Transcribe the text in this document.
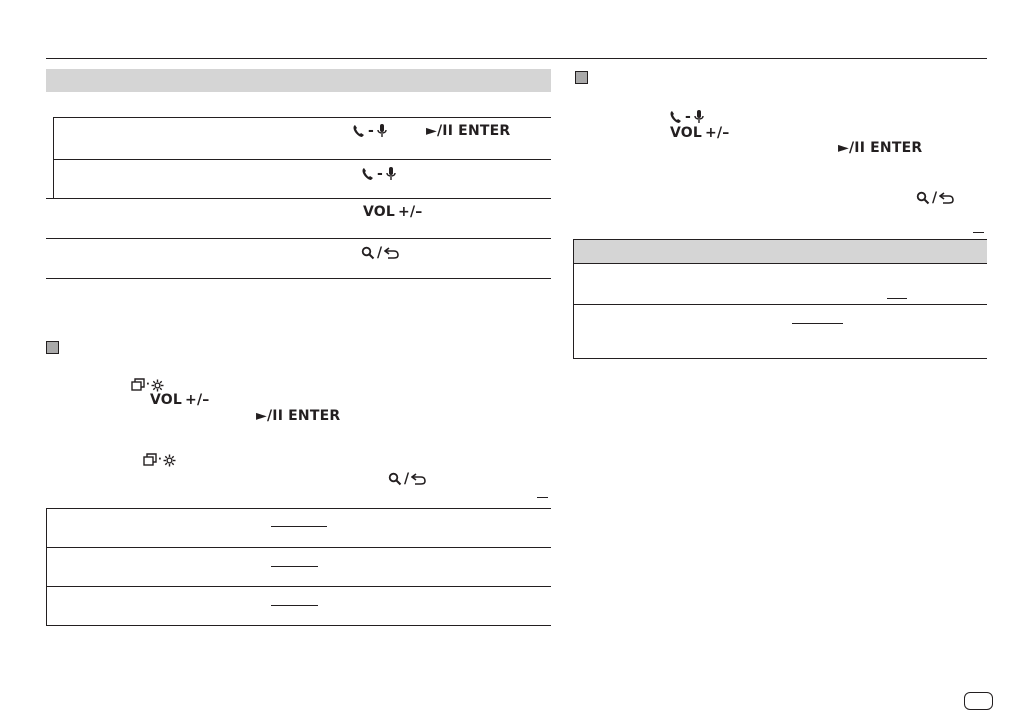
-	►/II ENTER
-
VOL +/–
/
·
VOL +/–
►/II ENTER
·
/
-
VOL +/–
►/II ENTER
/
